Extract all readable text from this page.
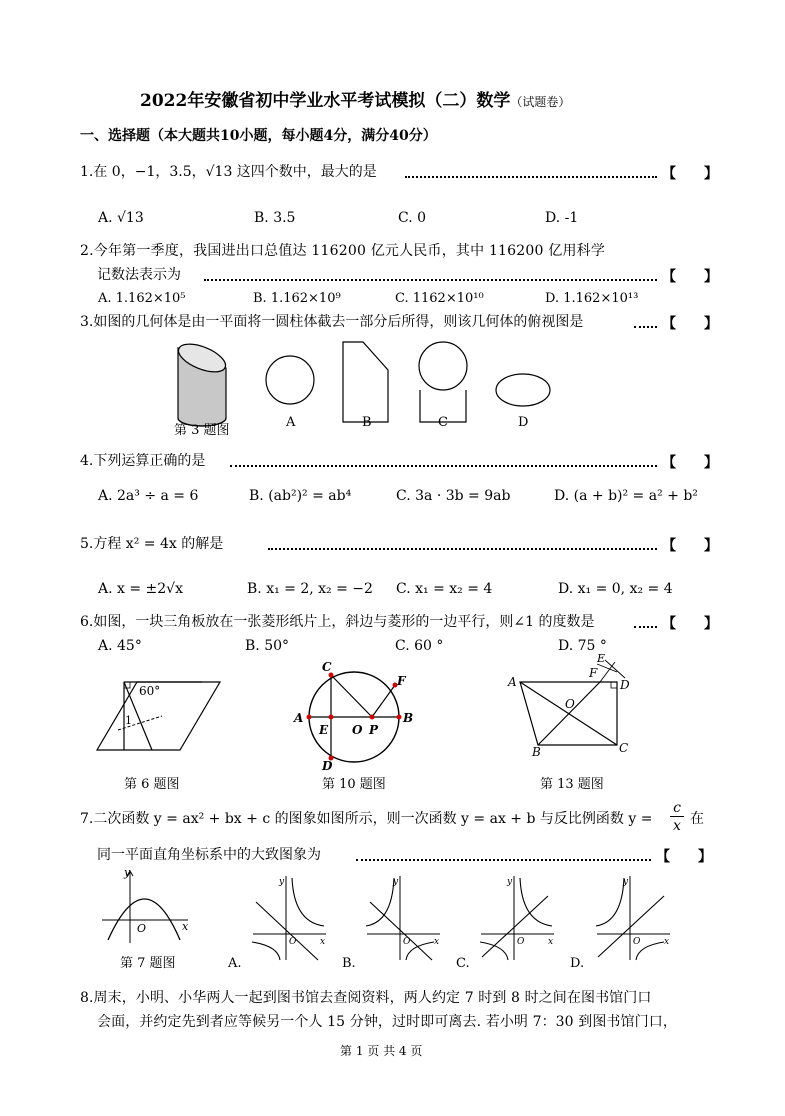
2022年安徽省初中学业水平考试模拟（二）数学（试题卷）
一、选择题（本大题共10小题，每小题4分，满分40分）
1.在 0，−1，3.5，√13 这四个数中，最大的是	【　　】
A. √13	B. 3.5	C. 0	D. -1
2.今年第一季度，我国进出口总值达 116200 亿元人民币，其中 116200 亿用科学
记数法表示为	【　　】
A. 1.162×10⁵	B. 1.162×10⁹	C. 1162×10¹⁰	D. 1.162×10¹³
3.如图的几何体是由一平面将一圆柱体截去一部分后所得，则该几何体的俯视图是	【　　】
第 3 题图
A	B	C	D
4.下列运算正确的是	【　　】
A. 2a³ ÷ a = 6	B. (ab²)² = ab⁴	C. 3a · 3b = 9ab	D. (a + b)² = a² + b²
5.方程 x² = 4x 的解是	【　　】
A. x = ±2√x	B. x₁ = 2, x₂ = −2 C. x₁ = x₂ = 4	D. x₁ = 0, x₂ = 4
6.如图，一块三角板放在一张菱形纸片上，斜边与菱形的一边平行，则∠1 的度数是	【　　】
A. 45°	B. 50°	C. 60 °	D. 75 °
60°
1
C
F
A	B
E O P
D
E
A
F
D
O
B	C
第 6 题图	第 10 题图	第 13 题图
7.二次函数 y = ax² + bx + c 的图象如图所示，则一次函数 y = ax + b 与反比例函数 y =
c
x 在
同一平面直角坐标系中的大致图象为	【　　】
y
x
O
y
O	x
y
O	x
y
O	x
y
O	x
第 7 题图	A.	B.	C.	D.
8.周末，小明、小华两人一起到图书馆去查阅资料，两人约定 7 时到 8 时之间在图书馆门口
会面，并约定先到者应等候另一个人 15 分钟，过时即可离去. 若小明 7：30 到图书馆门口，
第 1 页 共 4 页
